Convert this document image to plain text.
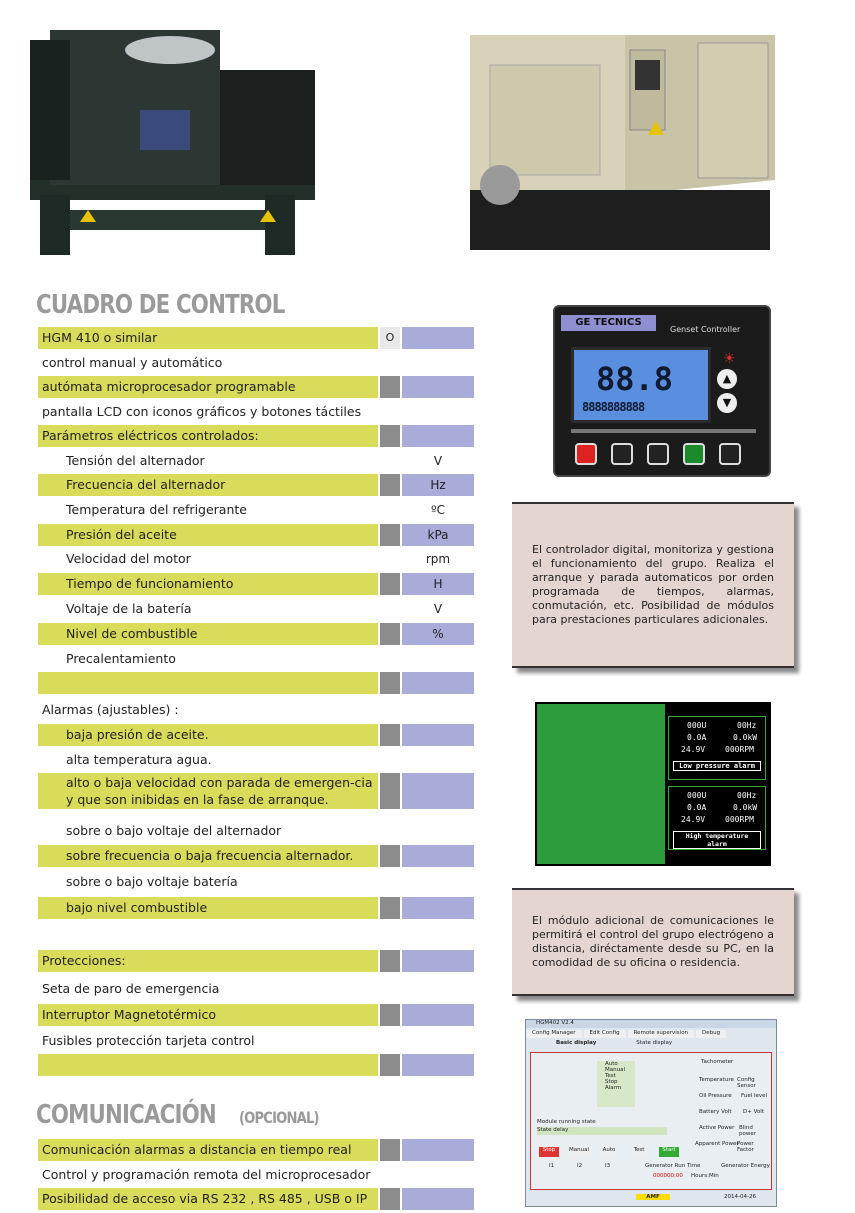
CUADRO DE CONTROL
HGM 410 o similar	O
control manual y automático
autómata microprocesador programable
pantalla LCD con iconos gráficos y botones táctiles
Parámetros eléctricos controlados:
Tensión del alternador	V
Frecuencia del alternador	Hz
Temperatura del refrigerante	ºC
Presión del aceite	kPa
Velocidad del motor	rpm
Tiempo de funcionamiento	H
Voltaje de la batería	V
Nivel de combustible	%
Precalentamiento
Alarmas (ajustables) :
baja presión de aceite.
alta temperatura agua.
alto o baja velocidad con parada de emergen-cia y que son inibidas en la fase de arranque.
sobre o bajo voltaje del alternador
sobre frecuencia o baja frecuencia alternador.
sobre o bajo voltaje batería
bajo nivel combustible
Protecciones:
Seta de paro de emergencia
Interruptor Magnetotérmico
Fusibles protección tarjeta control
COMUNICACIÓN (OPCIONAL)
Comunicación alarmas a distancia en tiempo real
Control y programación remota del microprocesador
Posibilidad de acceso via RS 232 , RS 485 , USB o IP
GE TECNICS
Genset Controller
88.8
8888888888
☀
▲
▼
El controlador digital, monitoriza y gestiona el funcionamiento del grupo. Realiza el arranque y parada automaticos por orden programada de tiempos, alarmas, conmutación, etc. Posibilidad de módulos para prestaciones particulares adicionales.
000U	00Hz
0.0A	0.0kW
24.9V 000RPM
Low pressure alarm
000U	00Hz
0.0A	0.0kW
24.9V 000RPM
High temperature alarm
El módulo adicional de comunicaciones le permitirá el control del grupo electrógeno a distancia, diréctamente desde su PC, en la comodidad de su oficina o residencia.
HGM402 V2.4
Config Manager	Edit Config	Remote supervision	Debug
Basic display	State display
Auto
Manual
Test
Stop
Alarm
Tachometer
Temperature Config Sensor
Oil Pressure Fuel level
Battery Volt D+ Volt
Active Power Blind power
Apparent Power
Power Factor
Module running state
State delay
Stop	Manual	Auto	Test	Start
I1	I2	I3	Generator Run Time	Generator Energy
000000:00 Hours:Min
AMF	2014-04-26
